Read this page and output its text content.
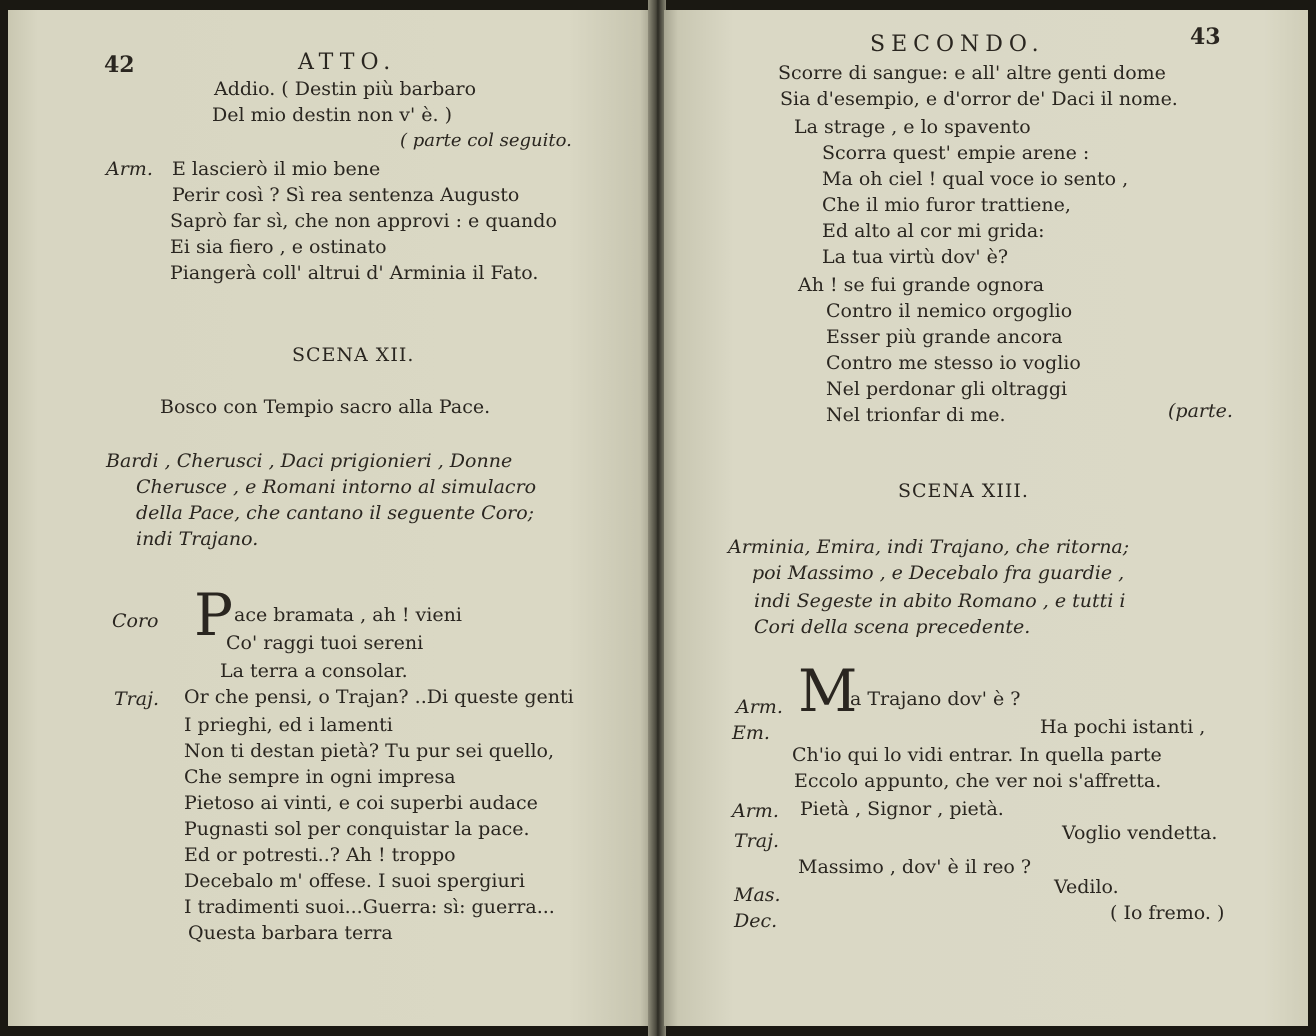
42	ATTO.
Addio. ( Destin più barbaro
Del mio destin non v' è. )
( parte col seguito.
Arm. E lascierò il mio bene
Perir così ? Sì rea sentenza Augusto
Saprò far sì, che non approvi : e quando
Ei sia fiero , e ostinato
Piangerà coll' altrui d' Arminia il Fato.
SCENA XII.
Bosco con Tempio sacro alla Pace.
Bardi , Cherusci , Daci prigionieri , Donne
Cherusce , e Romani intorno al simulacro
della Pace, che cantano il seguente Coro;
indi Trajano.
Coro P ace bramata , ah ! vieni
Co' raggi tuoi sereni
La terra a consolar.
Traj. Or che pensi, o Trajan? ..Di queste genti
I prieghi, ed i lamenti
Non ti destan pietà? Tu pur sei quello,
Che sempre in ogni impresa
Pietoso ai vinti, e coi superbi audace
Pugnasti sol per conquistar la pace.
Ed or potresti..? Ah ! troppo
Decebalo m' offese. I suoi spergiuri
I tradimenti suoi...Guerra: sì: guerra...
Questa barbara terra
SECONDO.	43
Scorre di sangue: e all' altre genti dome
Sia d'esempio, e d'orror de' Daci il nome.
La strage , e lo spavento
Scorra quest' empie arene :
Ma oh ciel ! qual voce io sento ,
Che il mio furor trattiene,
Ed alto al cor mi grida:
La tua virtù dov' è?
Ah ! se fui grande ognora
Contro il nemico orgoglio
Esser più grande ancora
Contro me stesso io voglio
Nel perdonar gli oltraggi
Nel trionfar di me.	(parte.
SCENA XIII.
Arminia, Emira, indi Trajano, che ritorna;
poi Massimo , e Decebalo fra guardie ,
indi Segeste in abito Romano , e tutti i
Cori della scena precedente.
Arm. M
a Trajano dov' è ?
Em.	Ha pochi istanti ,
Ch'io qui lo vidi entrar. In quella parte
Eccolo appunto, che ver noi s'affretta.
Arm. Pietà , Signor , pietà.
Voglio vendetta.
Traj.
Massimo , dov' è il reo ?
Vedilo.
Mas.
( Io fremo. )
Dec.
